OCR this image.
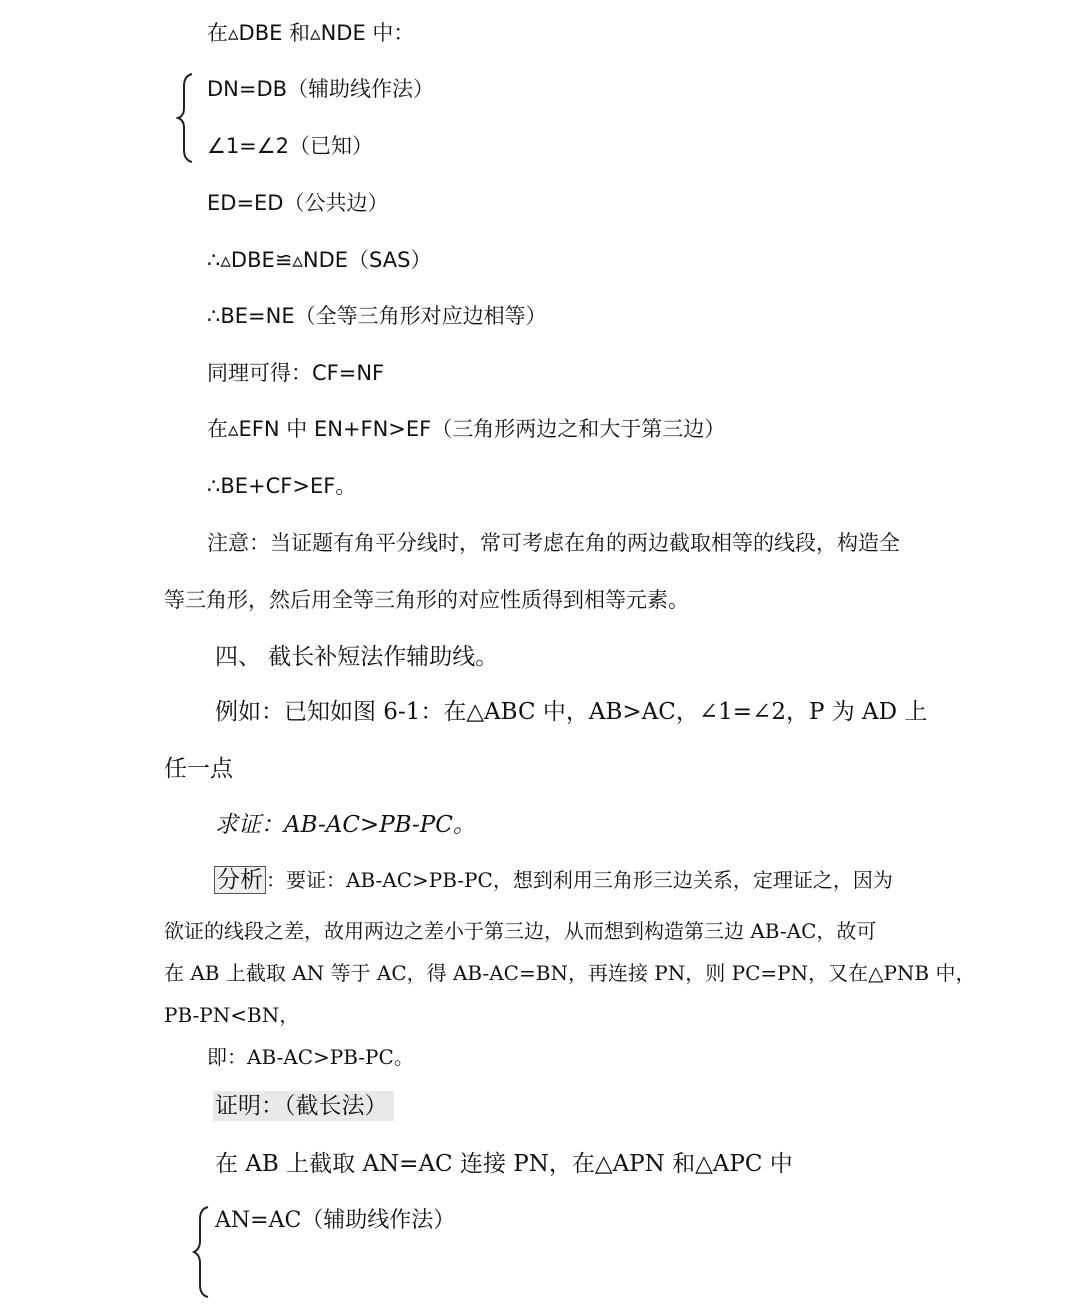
在▵DBE 和▵NDE 中：
DN=DB（辅助线作法）
∠1=∠2（已知）
ED=ED（公共边）
∴▵DBE≌▵NDE（SAS）
∴BE=NE（全等三角形对应边相等）
同理可得：CF=NF
在▵EFN 中 EN+FN>EF（三角形两边之和大于第三边）
∴BE+CF>EF。
注意：当证题有角平分线时，常可考虑在角的两边截取相等的线段，构造全
等三角形，然后用全等三角形的对应性质得到相等元素。
四、 截长补短法作辅助线。
例如：已知如图 6-1：在△ABC 中，AB>AC，∠1=∠2，P 为 AD 上
任一点
求证：AB-AC>PB-PC。
分析 ：要证：AB-AC>PB-PC，想到利用三角形三边关系，定理证之，因为
欲证的线段之差，故用两边之差小于第三边，从而想到构造第三边 AB-AC，故可
在 AB 上截取 AN 等于 AC，得 AB-AC=BN，再连接 PN，则 PC=PN，又在△PNB 中，
PB-PN<BN，
即：AB-AC>PB-PC。
证明：（截长法）
在 AB 上截取 AN=AC 连接 PN，在△APN 和△APC 中
AN=AC（辅助线作法）
